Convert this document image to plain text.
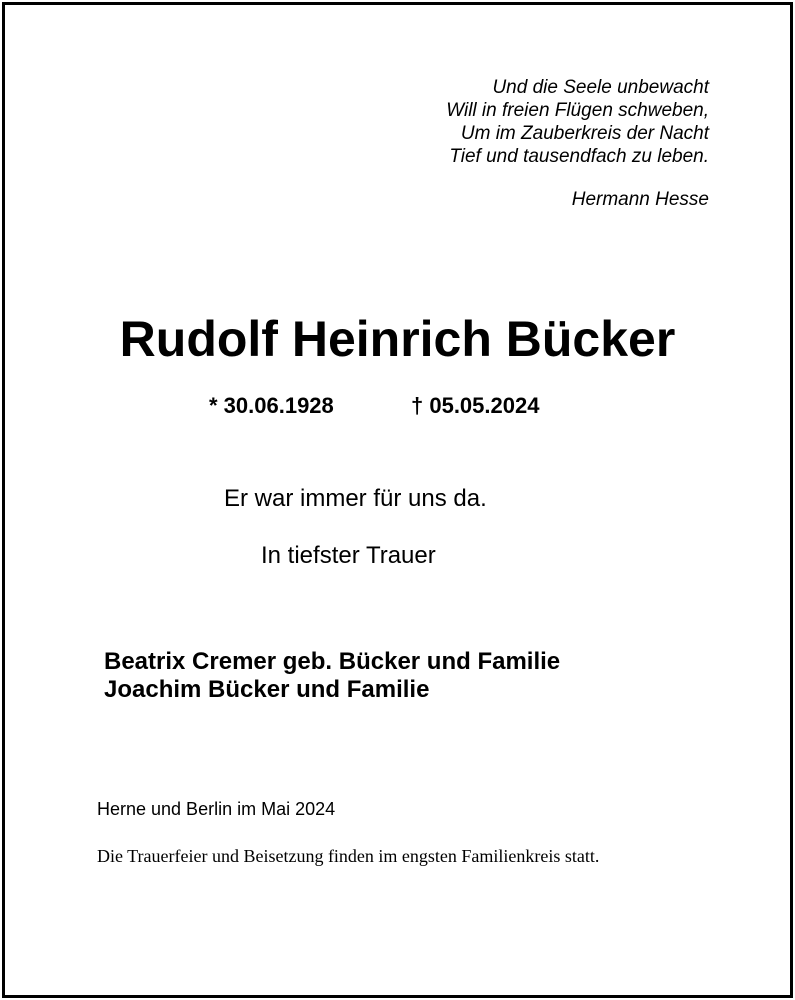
Und die Seele unbewacht
Will in freien Flügen schweben,
Um im Zauberkreis der Nacht
Tief und tausendfach zu leben.
Hermann Hesse
Rudolf Heinrich Bücker
* 30.06.1928	† 05.05.2024
Er war immer für uns da.
In tiefster Trauer
Beatrix Cremer geb. Bücker und Familie
Joachim Bücker und Familie
Herne und Berlin im Mai 2024
Die Trauerfeier und Beisetzung finden im engsten Familienkreis statt.
